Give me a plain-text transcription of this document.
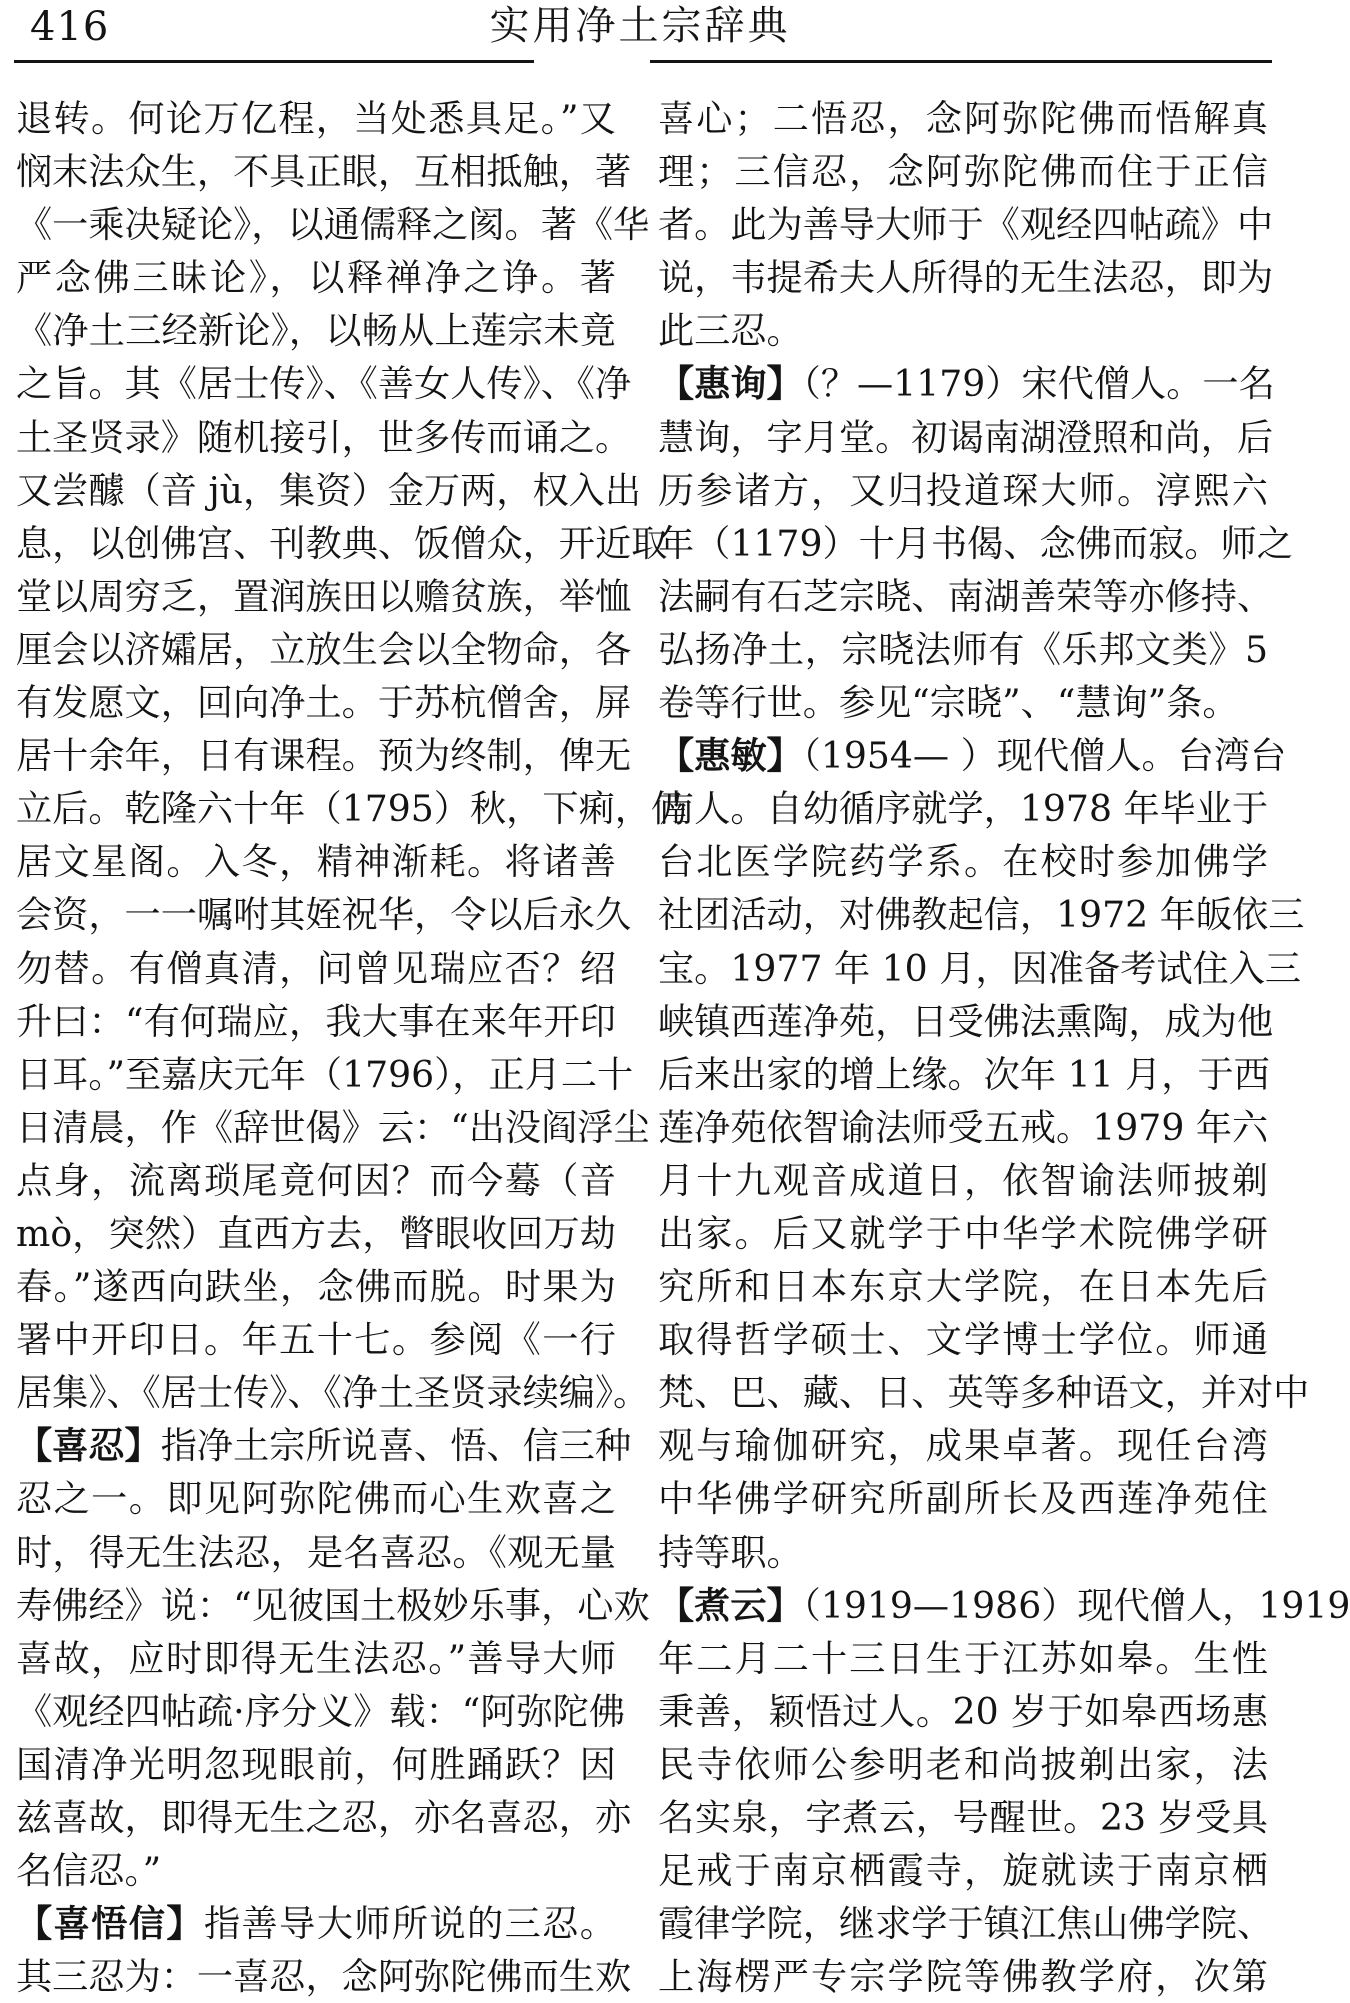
416	实用净土宗辞典
退转。何论万亿程，当处悉具足。”又
悯末法众生，不具正眼，互相抵触，著
《一乘决疑论》，以通儒释之阂。著《华
严念佛三昧论》，以释禅净之诤。著
《净土三经新论》，以畅从上莲宗未竟
之旨。其《居士传》、《善女人传》、《净
土圣贤录》随机接引，世多传而诵之。
又尝醵（音 jù，集资）金万两，权入出
息，以创佛宫、刊教典、饭僧众，开近取
堂以周穷乏，置润族田以赡贫族，举恤
厘会以济孀居，立放生会以全物命，各
有发愿文，回向净土。于苏杭僧舍，屏
居十余年，日有课程。预为终制，俾无
立后。乾隆六十年（1795）秋，下痢，仍
居文星阁。入冬，精神渐耗。将诸善
会资，一一嘱咐其姪祝华，令以后永久
勿替。有僧真清，问曾见瑞应否？绍
升曰：“有何瑞应，我大事在来年开印
日耳。”至嘉庆元年（1796），正月二十
日清晨，作《辞世偈》云：“出没阎浮尘
点身，流离琐尾竟何因？而今蓦（音
mò，突然）直西方去，瞥眼收回万劫
春。”遂西向趺坐，念佛而脱。时果为
署中开印日。年五十七。参阅《一行
居集》、《居士传》、《净土圣贤录续编》。
【喜忍】指净土宗所说喜、悟、信三种
忍之一。即见阿弥陀佛而心生欢喜之
时，得无生法忍，是名喜忍。《观无量
寿佛经》说：“见彼国土极妙乐事，心欢
喜故，应时即得无生法忍。”善导大师
《观经四帖疏·序分义》载：“阿弥陀佛
国清净光明忽现眼前，何胜踊跃？因
兹喜故，即得无生之忍，亦名喜忍，亦
名信忍。”
【喜悟信】指善导大师所说的三忍。
其三忍为：一喜忍，念阿弥陀佛而生欢
喜心；二悟忍，念阿弥陀佛而悟解真
理；三信忍，念阿弥陀佛而住于正信
者。此为善导大师于《观经四帖疏》中
说，韦提希夫人所得的无生法忍，即为
此三忍。
【惠询】（？—1179）宋代僧人。一名
慧询，字月堂。初谒南湖澄照和尚，后
历参诸方，又归投道琛大师。淳熙六
年（1179）十月书偈、念佛而寂。师之
法嗣有石芝宗晓、南湖善荣等亦修持、
弘扬净土，宗晓法师有《乐邦文类》5
卷等行世。参见“宗晓”、“慧询”条。
【惠敏】（1954— ）现代僧人。台湾台
南人。自幼循序就学，1978 年毕业于
台北医学院药学系。在校时参加佛学
社团活动，对佛教起信，1972 年皈依三
宝。1977 年 10 月，因准备考试住入三
峡镇西莲净苑，日受佛法熏陶，成为他
后来出家的增上缘。次年 11 月，于西
莲净苑依智谕法师受五戒。1979 年六
月十九观音成道日，依智谕法师披剃
出家。后又就学于中华学术院佛学研
究所和日本东京大学院，在日本先后
取得哲学硕士、文学博士学位。师通
梵、巴、藏、日、英等多种语文，并对中
观与瑜伽研究，成果卓著。现任台湾
中华佛学研究所副所长及西莲净苑住
持等职。
【煮云】（1919—1986）现代僧人，1919
年二月二十三日生于江苏如皋。生性
秉善，颖悟过人。20 岁于如皋西场惠
民寺依师公参明老和尚披剃出家，法
名实泉，字煮云，号醒世。23 岁受具
足戒于南京栖霞寺，旋就读于南京栖
霞律学院，继求学于镇江焦山佛学院、
上海楞严专宗学院等佛教学府，次第
